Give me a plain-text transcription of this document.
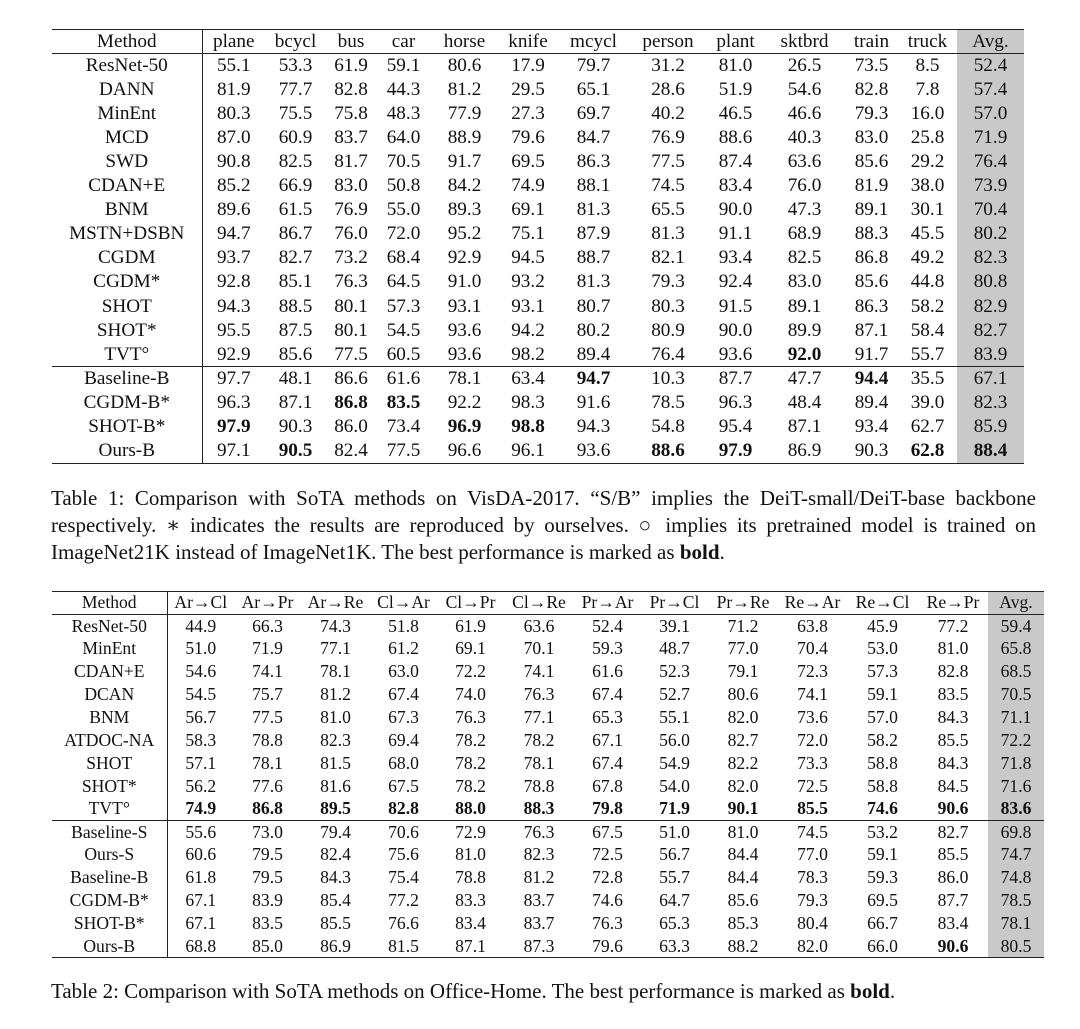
Method	plane	bcycl	bus	car	horse	knife	mcycl	person	plant	sktbrd	train	truck	Avg.
ResNet-50	55.1	53.3	61.9	59.1	80.6	17.9	79.7	31.2	81.0	26.5	73.5	8.5	52.4
DANN	81.9	77.7	82.8	44.3	81.2	29.5	65.1	28.6	51.9	54.6	82.8	7.8	57.4
MinEnt	80.3	75.5	75.8	48.3	77.9	27.3	69.7	40.2	46.5	46.6	79.3	16.0	57.0
MCD	87.0	60.9	83.7	64.0	88.9	79.6	84.7	76.9	88.6	40.3	83.0	25.8	71.9
SWD	90.8	82.5	81.7	70.5	91.7	69.5	86.3	77.5	87.4	63.6	85.6	29.2	76.4
CDAN+E	85.2	66.9	83.0	50.8	84.2	74.9	88.1	74.5	83.4	76.0	81.9	38.0	73.9
BNM	89.6	61.5	76.9	55.0	89.3	69.1	81.3	65.5	90.0	47.3	89.1	30.1	70.4
MSTN+DSBN	94.7	86.7	76.0	72.0	95.2	75.1	87.9	81.3	91.1	68.9	88.3	45.5	80.2
CGDM	93.7	82.7	73.2	68.4	92.9	94.5	88.7	82.1	93.4	82.5	86.8	49.2	82.3
CGDM*	92.8	85.1	76.3	64.5	91.0	93.2	81.3	79.3	92.4	83.0	85.6	44.8	80.8
SHOT	94.3	88.5	80.1	57.3	93.1	93.1	80.7	80.3	91.5	89.1	86.3	58.2	82.9
SHOT*	95.5	87.5	80.1	54.5	93.6	94.2	80.2	80.9	90.0	89.9	87.1	58.4	82.7
TVT°	92.9	85.6	77.5	60.5	93.6	98.2	89.4	76.4	93.6	92.0	91.7	55.7	83.9
Baseline-B	97.7	48.1	86.6	61.6	78.1	63.4	94.7	10.3	87.7	47.7	94.4	35.5	67.1
CGDM-B*	96.3	87.1	86.8	83.5	92.2	98.3	91.6	78.5	96.3	48.4	89.4	39.0	82.3
SHOT-B*	97.9	90.3	86.0	73.4	96.9	98.8	94.3	54.8	95.4	87.1	93.4	62.7	85.9
Ours-B	97.1	90.5	82.4	77.5	96.6	96.1	93.6	88.6	97.9	86.9	90.3	62.8	88.4
Table 1: Comparison with SoTA methods on VisDA-2017. “S/B” implies the DeiT-small/DeiT-base backbone respectively. ∗ indicates the results are reproduced by ourselves. ○ implies its pretrained model is trained on ImageNet21K instead of ImageNet1K. The best performance is marked as bold.
Method	Ar→Cl	Ar→Pr	Ar→Re	Cl→Ar	Cl→Pr	Cl→Re	Pr→Ar	Pr→Cl	Pr→Re	Re→Ar	Re→Cl	Re→Pr	Avg.
ResNet-50	44.9	66.3	74.3	51.8	61.9	63.6	52.4	39.1	71.2	63.8	45.9	77.2	59.4
MinEnt	51.0	71.9	77.1	61.2	69.1	70.1	59.3	48.7	77.0	70.4	53.0	81.0	65.8
CDAN+E	54.6	74.1	78.1	63.0	72.2	74.1	61.6	52.3	79.1	72.3	57.3	82.8	68.5
DCAN	54.5	75.7	81.2	67.4	74.0	76.3	67.4	52.7	80.6	74.1	59.1	83.5	70.5
BNM	56.7	77.5	81.0	67.3	76.3	77.1	65.3	55.1	82.0	73.6	57.0	84.3	71.1
ATDOC-NA	58.3	78.8	82.3	69.4	78.2	78.2	67.1	56.0	82.7	72.0	58.2	85.5	72.2
SHOT	57.1	78.1	81.5	68.0	78.2	78.1	67.4	54.9	82.2	73.3	58.8	84.3	71.8
SHOT*	56.2	77.6	81.6	67.5	78.2	78.8	67.8	54.0	82.0	72.5	58.8	84.5	71.6
TVT°	74.9	86.8	89.5	82.8	88.0	88.3	79.8	71.9	90.1	85.5	74.6	90.6	83.6
Baseline-S	55.6	73.0	79.4	70.6	72.9	76.3	67.5	51.0	81.0	74.5	53.2	82.7	69.8
Ours-S	60.6	79.5	82.4	75.6	81.0	82.3	72.5	56.7	84.4	77.0	59.1	85.5	74.7
Baseline-B	61.8	79.5	84.3	75.4	78.8	81.2	72.8	55.7	84.4	78.3	59.3	86.0	74.8
CGDM-B*	67.1	83.9	85.4	77.2	83.3	83.7	74.6	64.7	85.6	79.3	69.5	87.7	78.5
SHOT-B*	67.1	83.5	85.5	76.6	83.4	83.7	76.3	65.3	85.3	80.4	66.7	83.4	78.1
Ours-B	68.8	85.0	86.9	81.5	87.1	87.3	79.6	63.3	88.2	82.0	66.0	90.6	80.5
Table 2: Comparison with SoTA methods on Office-Home. The best performance is marked as bold.
